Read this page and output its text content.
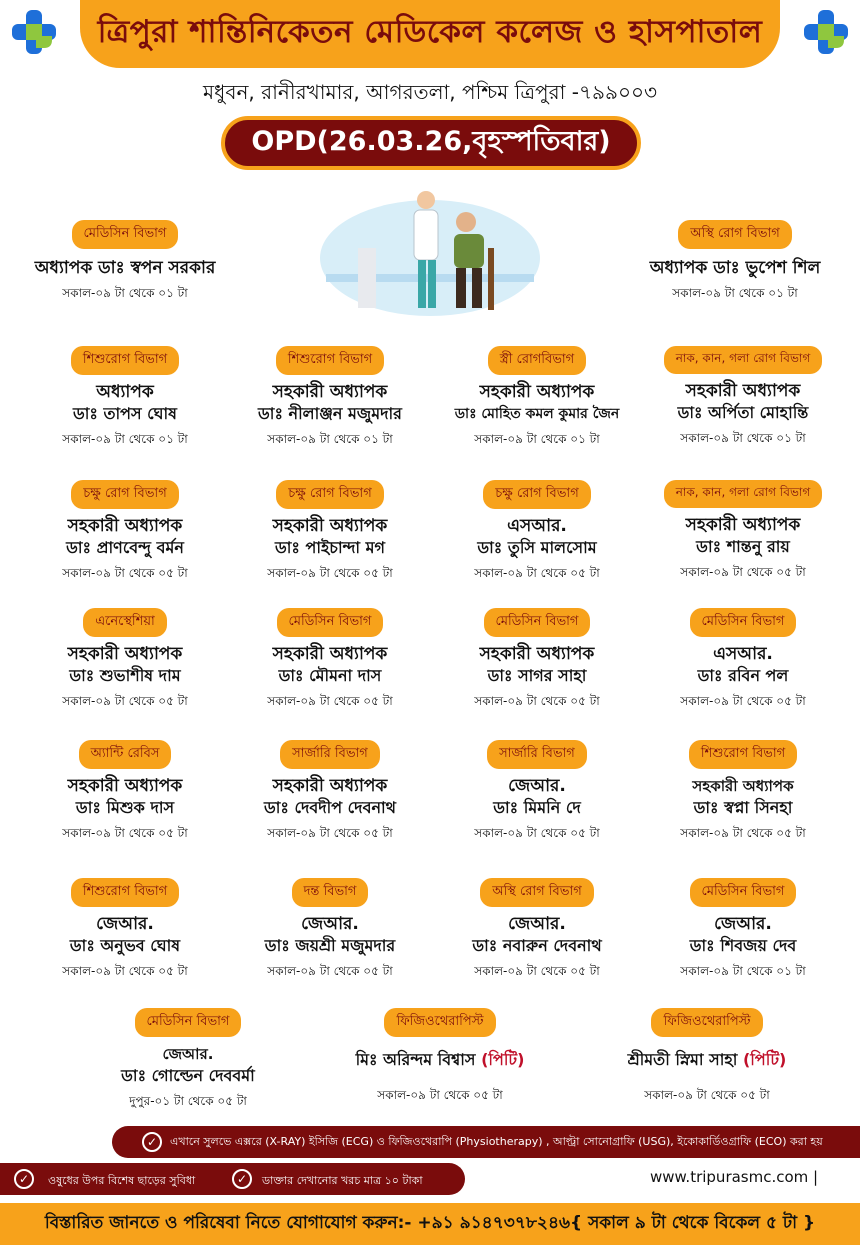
ত্রিপুরা শান্তিনিকেতন মেডিকেল কলেজ ও হাসপাতাল
মধুবন, রানীরখামার, আগরতলা, পশ্চিম ত্রিপুরা -৭৯৯০০৩
OPD(26.03.26,বৃহস্পতিবার)
মেডিসিন বিভাগ
অধ্যাপক ডাঃ স্বপন সরকার
সকাল-০৯ টা থেকে ০১ টা
অস্থি রোগ বিভাগ
অধ্যাপক ডাঃ ভুপেশ শিল
সকাল-০৯ টা থেকে ০১ টা
শিশুরোগ বিভাগ
অধ্যাপক
ডাঃ তাপস ঘোষ
সকাল-০৯ টা থেকে ০১ টা
শিশুরোগ বিভাগ
সহকারী অধ্যাপক
ডাঃ নীলাঞ্জন মজুমদার
সকাল-০৯ টা থেকে ০১ টা
স্ত্রী রোগবিভাগ
সহকারী অধ্যাপক
ডাঃ মোহিত কমল কুমার জৈন
সকাল-০৯ টা থেকে ০১ টা
নাক, কান, গলা রোগ বিভাগ
সহকারী অধ্যাপক
ডাঃ অর্পিতা মোহান্তি
সকাল-০৯ টা থেকে ০১ টা
চক্ষু রোগ বিভাগ
সহকারী অধ্যাপক
ডাঃ প্রাণবেন্দু বর্মন
সকাল-০৯ টা থেকে ০৫ টা
চক্ষু রোগ বিভাগ
সহকারী অধ্যাপক
ডাঃ পাইচান্দা মগ
সকাল-০৯ টা থেকে ০৫ টা
চক্ষু রোগ বিভাগ
এসআর.
ডাঃ তুসি মালসোম
সকাল-০৯ টা থেকে ০৫ টা
নাক, কান, গলা রোগ বিভাগ
সহকারী অধ্যাপক
ডাঃ শান্তনু রায়
সকাল-০৯ টা থেকে ০৫ টা
এনেস্থেশিয়া
সহকারী অধ্যাপক
ডাঃ শুভাশীষ দাম
সকাল-০৯ টা থেকে ০৫ টা
মেডিসিন বিভাগ
সহকারী অধ্যাপক
ডাঃ মৌমনা দাস
সকাল-০৯ টা থেকে ০৫ টা
মেডিসিন বিভাগ
সহকারী অধ্যাপক
ডাঃ সাগর সাহা
সকাল-০৯ টা থেকে ০৫ টা
মেডিসিন বিভাগ
এসআর.
ডাঃ রবিন পল
সকাল-০৯ টা থেকে ০৫ টা
অ্যান্টি রেবিস
সহকারী অধ্যাপক
ডাঃ মিশুক দাস
সকাল-০৯ টা থেকে ০৫ টা
সার্জারি বিভাগ
সহকারী অধ্যাপক
ডাঃ দেবদীপ দেবনাথ
সকাল-০৯ টা থেকে ০৫ টা
সার্জারি বিভাগ
জেআর.
ডাঃ মিমনি দে
সকাল-০৯ টা থেকে ০৫ টা
শিশুরোগ বিভাগ
সহকারী অধ্যাপক
ডাঃ স্বপ্না সিনহা
সকাল-০৯ টা থেকে ০৫ টা
শিশুরোগ বিভাগ
জেআর.
ডাঃ অনুভব ঘোষ
সকাল-০৯ টা থেকে ০৫ টা
দন্ত বিভাগ
জেআর.
ডাঃ জয়শ্রী মজুমদার
সকাল-০৯ টা থেকে ০৫ টা
অস্থি রোগ বিভাগ
জেআর.
ডাঃ নবারুন দেবনাথ
সকাল-০৯ টা থেকে ০৫ টা
মেডিসিন বিভাগ
জেআর.
ডাঃ শিবজয় দেব
সকাল-০৯ টা থেকে ০১ টা
মেডিসিন বিভাগ
জেআর.
ডাঃ গোল্ডেন দেববর্মা
দুপুর-০১ টা থেকে ০৫ টা
ফিজিওথেরাপিস্ট
মিঃ অরিন্দম বিশ্বাস (পিটি)
সকাল-০৯ টা থেকে ০৫ টা
ফিজিওথেরাপিস্ট
শ্রীমতী স্নিমা সাহা (পিটি)
সকাল-০৯ টা থেকে ০৫ টা
✓	এখানে সুলভে এক্সরে (X-RAY) ইসিজি (ECG) ও ফিজিওথেরাপি (Physiotherapy) , আল্ট্রা সোনোগ্রাফি (USG), ইকোকার্ডিওগ্রাফি (ECO) করা হয়
✓	ওষুধের উপর বিশেষ ছাড়ের সুবিধা	✓	ডাক্তার দেখানোর খরচ মাত্র ১০ টাকা	www.tripurasmc.com |
বিস্তারিত জানতে ও পরিষেবা নিতে যোগাযোগ করুন:- +৯১ ৯১৪৭৩৭৮২৪৬{ সকাল ৯ টা থেকে বিকেল ৫ টা }
